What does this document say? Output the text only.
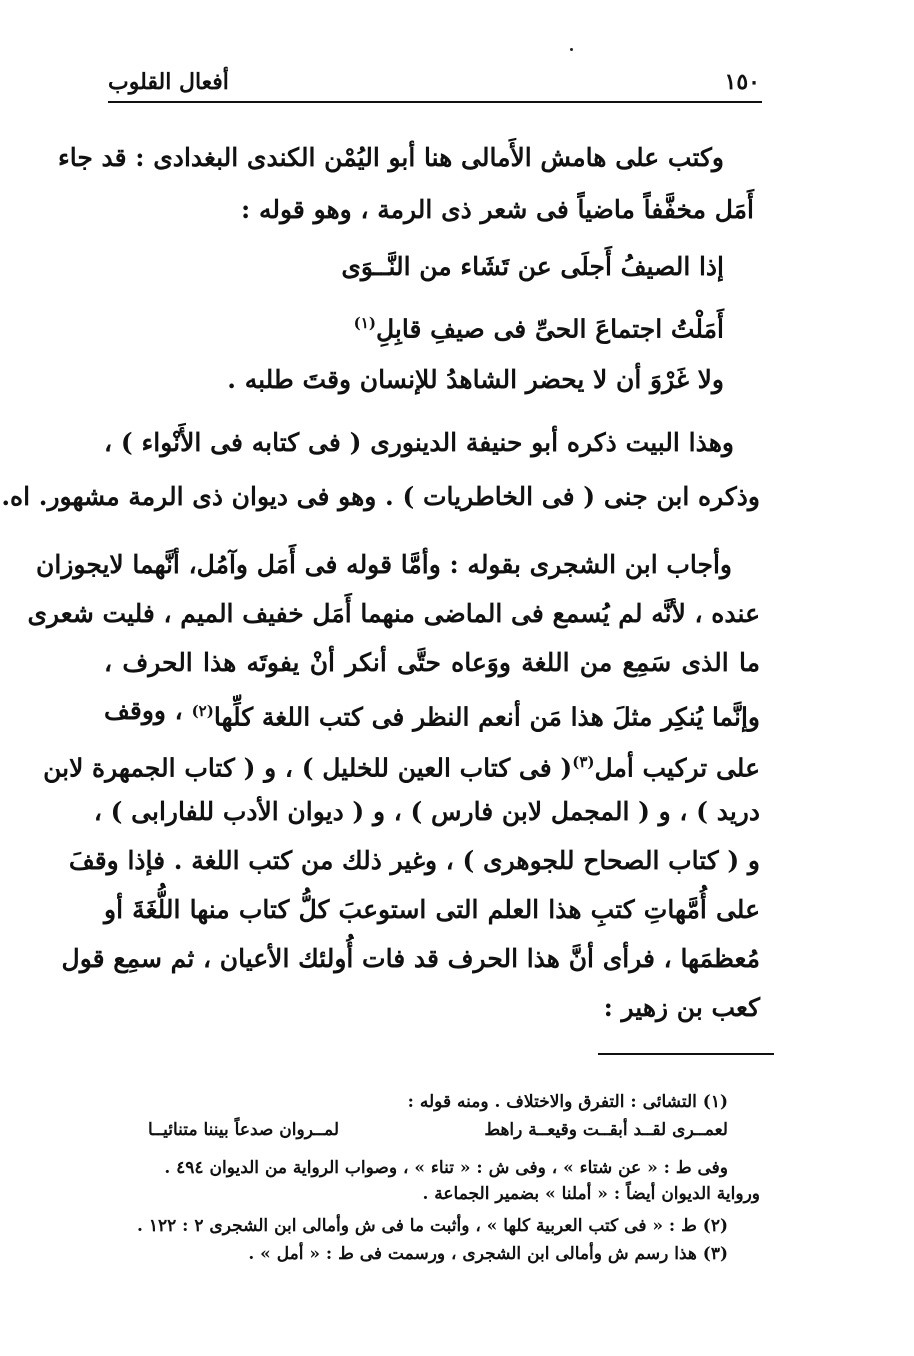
١٥٠
أفعال القلوب
وكتب على هامش الأَمالى هنا أبو اليُمْن الكندى البغدادى : قد جاء
أَمَل مخفَّفاً ماضياً فى شعر ذى الرمة ، وهو قوله :
إذا الصيفُ أَجلَى عن تَشَاء من النَّــوَى
أَمَلْتُ اجتماعَ الحىِّ فى صيفِ قابِلِ$^{(١)}$
ولا غَرْوَ أن لا يحضر الشاهدُ للإنسان وقتَ طلبه .
وهذا البيت ذكره أبو حنيفة الدينورى ( فى كتابه فى الأَنْواء ) ،
وذكره ابن جنى ( فى الخاطريات ) . وهو فى ديوان ذى الرمة مشهور. اه.
وأجاب ابن الشجرى بقوله : وأمَّا قوله فى أَمَل وآمُل، أنَّهما لايجوزان
عنده ، لأنَّه لم يُسمع فى الماضى منهما أَمَل خفيف الميم ، فليت شعرى
ما الذى سَمِع من اللغة ووَعاه حتَّى أنكر أنْ يفوتَه هذا الحرف ،
وإنَّما يُنكِر مثلَ هذا مَن أنعم النظر فى كتب اللغة كلِّها$^{(٢)}$
، ووقف
على تركيب أمل$^{(٣)}$( فى كتاب العين للخليل ) ، و ( كتاب الجمهرة لابن
دريد ) ، و ( المجمل لابن فارس ) ، و ( ديوان الأدب للفارابى ) ،
و ( كتاب الصحاح للجوهرى ) ، وغير ذلك من كتب اللغة . فإذا وقفَ
على أُمَّهاتِ كتبِ هذا العلم التى استوعبَ كلُّ كتاب منها اللُّغَةَ أو
مُعظمَها ، فرأى أنَّ هذا الحرف قد فات أُولئك الأعيان ، ثم سمِع قول
كعب بن زهير :
(١) التشائى : التفرق والاختلاف . ومنه قوله :
لعمــرى لقــد أبقــت وقيعــة راهط
لمــروان صدعاً بيننا متنائيــا
وفى ط : « عن شتاء » ، وفى ش : « تناء » ، وصواب الرواية من الديوان ٤٩٤ .
ورواية الديوان أيضاً : « أملنا » بضمير الجماعة .
(٢) ط : « فى كتب العربية كلها » ، وأثبت ما فى ش وأمالى ابن الشجرى ٢ : ١٢٢ .
(٣) هذا رسم ش وأمالى ابن الشجرى ، ورسمت فى ط : « أمل » .
